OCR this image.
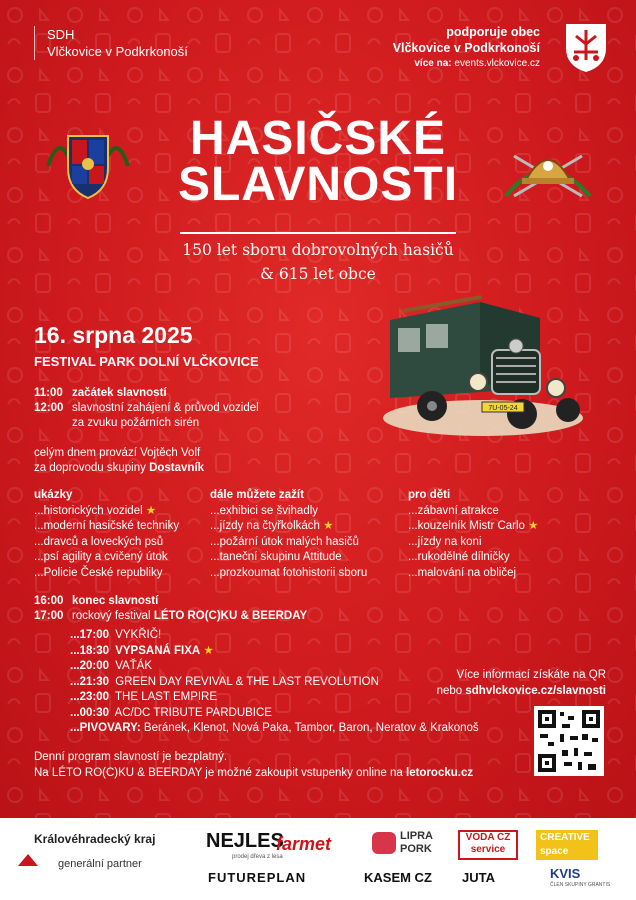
SDH
Vlčkovice v Podkrkonoší
podporuje obec
Vlčkovice v Podkrkonoší
více na: events.vlckovice.cz
HASIČSKÉ
SLAVNOSTI
150 let sboru dobrovolných hasičů
& 615 let obce
16. srpna 2025
FESTIVAL PARK DOLNÍ VLČKOVICE
7U-05-24
11:00 začátek slavností
12:00 slavnostní zahájení & průvod vozidel
za zvuku požárních sirén
celým dnem provází Vojtěch Volf
za doprovodu skupiny Dostavník
ukázky
...historických vozidel ★
...moderní hasičské techniky
...dravců a loveckých psů
...psí agility a cvičený útok
...Policie České republiky
dále můžete zažít
...exhibici se švihadly
...jízdy na čtyřkolkách ★
...požární útok malých hasičů
...taneční skupinu Attitude
...prozkoumat fotohistorii sboru
pro děti
...zábavní atrakce
...kouzelník Mistr Carlo ★
...jízdy na koni
...rukodělné dílničky
...malování na obličej
16:00 konec slavností
17:00 rockový festival LÉTO RO(C)KU & BEERDAY
...17:00 VYKŘIČ!
...18:30 VYPSANÁ FIXA ★
...20:00 VAŤÁK
...21:30 GREEN DAY REVIVAL & THE LAST REVOLUTION
...23:00 THE LAST EMPIRE
...00:30 AC/DC TRIBUTE PARDUBICE
...PIVOVARY: Beránek, Klenot, Nová Paka, Tambor, Baron, Neratov & Krakonoš
Více informací získáte na QR
nebo sdhvlckovice.cz/slavnosti
Denní program slavností je bezplatný.
Na LÉTO RO(C)KU & BEERDAY je možné zakoupit vstupenky online na letorocku.cz
Královéhradecký kraj
generální partner
NEJLES
prodej dřeva z lesa
farmet	LIPRA PORK
VODA CZ service
CREATIVE space
FUTUREPLAN	KASEM CZ JUTA	KVIS
ČLEN SKUPINY GRANTIS
